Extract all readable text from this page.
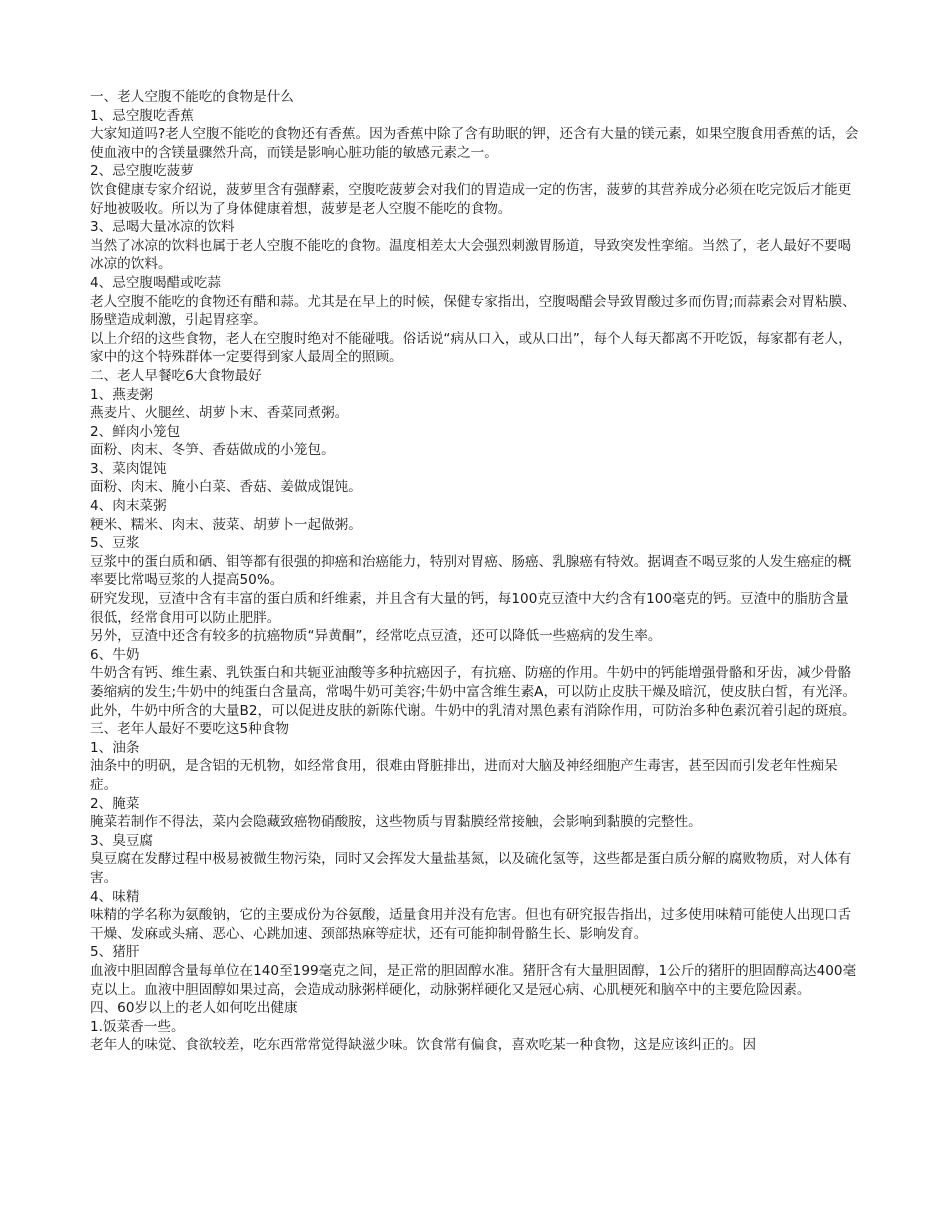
一、老人空腹不能吃的食物是什么

1、忌空腹吃香蕉

大家知道吗?老人空腹不能吃的食物还有香蕉。因为香蕉中除了含有助眠的钾，还含有大量的镁元素，如果空腹食用香蕉的话，会使血液中的含镁量骤然升高，而镁是影响心脏功能的敏感元素之一。

2、忌空腹吃菠萝

饮食健康专家介绍说，菠萝里含有强酵素，空腹吃菠萝会对我们的胃造成一定的伤害，菠萝的其营养成分必须在吃完饭后才能更好地被吸收。所以为了身体健康着想，菠萝是老人空腹不能吃的食物。

3、忌喝大量冰凉的饮料

当然了冰凉的饮料也属于老人空腹不能吃的食物。温度相差太大会强烈刺激胃肠道，导致突发性挛缩。当然了，老人最好不要喝冰凉的饮料。

4、忌空腹喝醋或吃蒜

老人空腹不能吃的食物还有醋和蒜。尤其是在早上的时候，保健专家指出，空腹喝醋会导致胃酸过多而伤胃;而蒜素会对胃粘膜、肠壁造成刺激，引起胃痉挛。

以上介绍的这些食物，老人在空腹时绝对不能碰哦。俗话说“病从口入，或从口出”，每个人每天都离不开吃饭，每家都有老人，家中的这个特殊群体一定要得到家人最周全的照顾。

二、老人早餐吃6大食物最好

1、燕麦粥

燕麦片、火腿丝、胡萝卜末、香菜同煮粥。

2、鲜肉小笼包

面粉、肉末、冬笋、香菇做成的小笼包。

3、菜肉馄饨

面粉、肉末、腌小白菜、香菇、姜做成馄饨。

4、肉末菜粥

粳米、糯米、肉末、菠菜、胡萝卜一起做粥。

5、豆浆

豆浆中的蛋白质和硒、钼等都有很强的抑癌和治癌能力，特别对胃癌、肠癌、乳腺癌有特效。据调查不喝豆浆的人发生癌症的概率要比常喝豆浆的人提高50%。

研究发现，豆渣中含有丰富的蛋白质和纤维素，并且含有大量的钙，每100克豆渣中大约含有100毫克的钙。豆渣中的脂肪含量很低，经常食用可以防止肥胖。

另外，豆渣中还含有较多的抗癌物质“异黄酮”，经常吃点豆渣，还可以降低一些癌病的发生率。

6、牛奶

牛奶含有钙、维生素、乳铁蛋白和共轭亚油酸等多种抗癌因子，有抗癌、防癌的作用。牛奶中的钙能增强骨骼和牙齿，减少骨骼萎缩病的发生;牛奶中的纯蛋白含量高，常喝牛奶可美容;牛奶中富含维生素A，可以防止皮肤干燥及暗沉，使皮肤白皙，有光泽。

此外，牛奶中所含的大量B2，可以促进皮肤的新陈代谢。牛奶中的乳清对黑色素有消除作用，可防治多种色素沉着引起的斑痕。

三、老年人最好不要吃这5种食物

1、油条

油条中的明矾，是含铝的无机物，如经常食用，很难由肾脏排出，进而对大脑及神经细胞产生毒害，甚至因而引发老年性痴呆症。

2、腌菜

腌菜若制作不得法，菜内会隐藏致癌物硝酸胺，这些物质与胃黏膜经常接触，会影响到黏膜的完整性。

3、臭豆腐

臭豆腐在发酵过程中极易被微生物污染，同时又会挥发大量盐基氮，以及硫化氢等，这些都是蛋白质分解的腐败物质，对人体有害。

4、味精

味精的学名称为氨酸钠，它的主要成份为谷氨酸，适量食用并没有危害。但也有研究报告指出，过多使用味精可能使人出现口舌干燥、发麻或头痛、恶心、心跳加速、颈部热麻等症状，还有可能抑制骨骼生长、影响发育。

5、猪肝

血液中胆固醇含量每单位在140至199毫克之间，是正常的胆固醇水准。猪肝含有大量胆固醇，1公斤的猪肝的胆固醇高达400毫克以上。血液中胆固醇如果过高，会造成动脉粥样硬化，动脉粥样硬化又是冠心病、心肌梗死和脑卒中的主要危险因素。

四、60岁以上的老人如何吃出健康

1.饭菜香一些。

老年人的味觉、食欲较差，吃东西常常觉得缺滋少味。饮食常有偏食，喜欢吃某一种食物，这是应该纠正的。因
